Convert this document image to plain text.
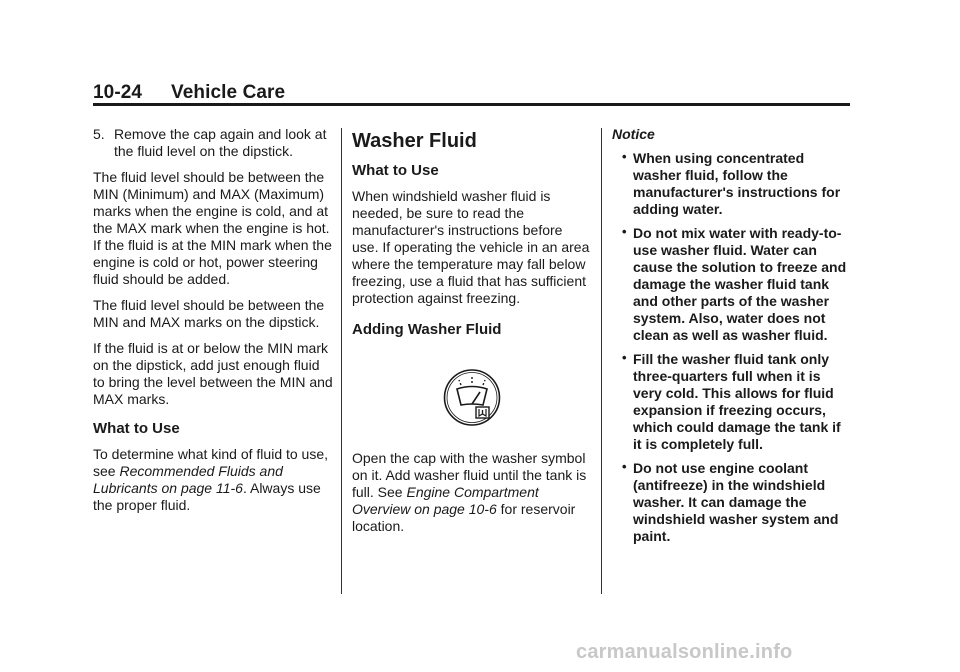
10-24 Vehicle Care
5. Remove the cap again and look at the fluid level on the dipstick.

The fluid level should be between the MIN (Minimum) and MAX (Maximum) marks when the engine is cold, and at the MAX mark when the engine is hot. If the fluid is at the MIN mark when the engine is cold or hot, power steering fluid should be added.

The fluid level should be between the MIN and MAX marks on the dipstick.

If the fluid is at or below the MIN mark on the dipstick, add just enough fluid to bring the level between the MIN and MAX marks.

What to Use

To determine what kind of fluid to use, see Recommended Fluids and Lubricants on page 11-6. Always use the proper fluid.

Washer Fluid
What to Use

When windshield washer fluid is needed, be sure to read the manufacturer's instructions before use. If operating the vehicle in an area where the temperature may fall below freezing, use a fluid that has sufficient protection against freezing.

Adding Washer Fluid

Open the cap with the washer symbol on it. Add washer fluid until the tank is full. See Engine Compartment Overview on page 10-6 for reservoir location.

Notice
• When using concentrated washer fluid, follow the manufacturer's instructions for adding water.
• Do not mix water with ready-to-use washer fluid. Water can cause the solution to freeze and damage the washer fluid tank and other parts of the washer system. Also, water does not clean as well as washer fluid.
• Fill the washer fluid tank only three-quarters full when it is very cold. This allows for fluid expansion if freezing occurs, which could damage the tank if it is completely full.
• Do not use engine coolant (antifreeze) in the windshield washer. It can damage the windshield washer system and paint.
carmanualsonline.info
